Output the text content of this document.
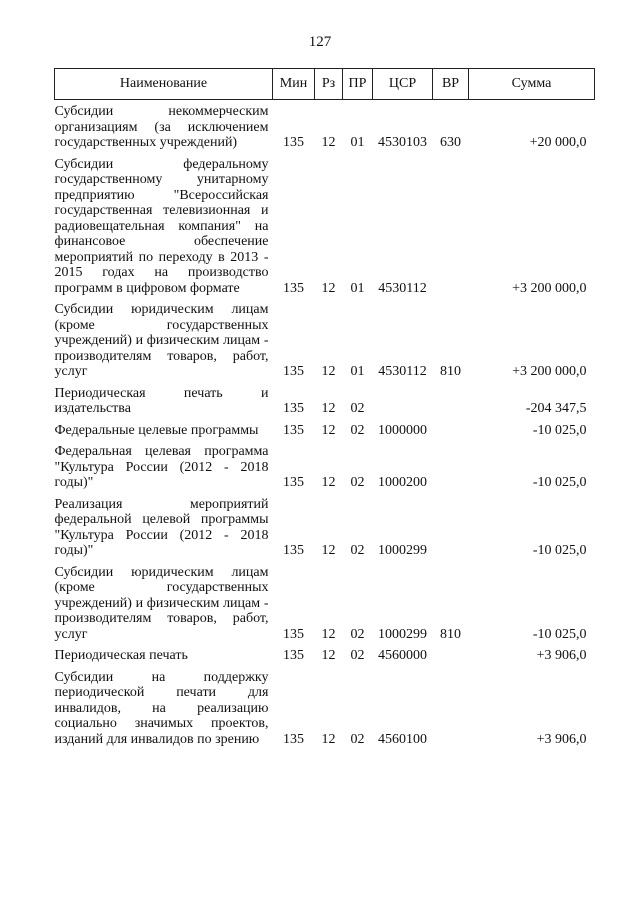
127
Наименование	Мин	Рз	ПР	ЦСР	ВР	Сумма
Субсидии некоммерческим организациям (за исключением государственных учреждений)	135	12	01	4530103	630	+20 000,0
Субсидии федеральному государственному унитарному предприятию "Всероссийская государственная телевизионная и радиовещательная компания" на финансовое обеспечение мероприятий по переходу в 2013 - 2015 годах на производство программ в цифровом формате	135	12	01	4530112		+3 200 000,0
Субсидии юридическим лицам (кроме государственных учреждений) и физическим лицам - производителям товаров, работ, услуг	135	12	01	4530112	810	+3 200 000,0
Периодическая печать и издательства	135	12	02			-204 347,5
Федеральные целевые программы	135	12	02	1000000		-10 025,0
Федеральная целевая программа "Культура России (2012 - 2018 годы)"	135	12	02	1000200		-10 025,0
Реализация мероприятий федеральной целевой программы "Культура России (2012 - 2018 годы)"	135	12	02	1000299		-10 025,0
Субсидии юридическим лицам (кроме государственных учреждений) и физическим лицам - производителям товаров, работ, услуг	135	12	02	1000299	810	-10 025,0
Периодическая печать	135	12	02	4560000		+3 906,0
Субсидии на поддержку периодической печати для инвалидов, на реализацию социально значимых проектов, изданий для инвалидов по зрению	135	12	02	4560100		+3 906,0
